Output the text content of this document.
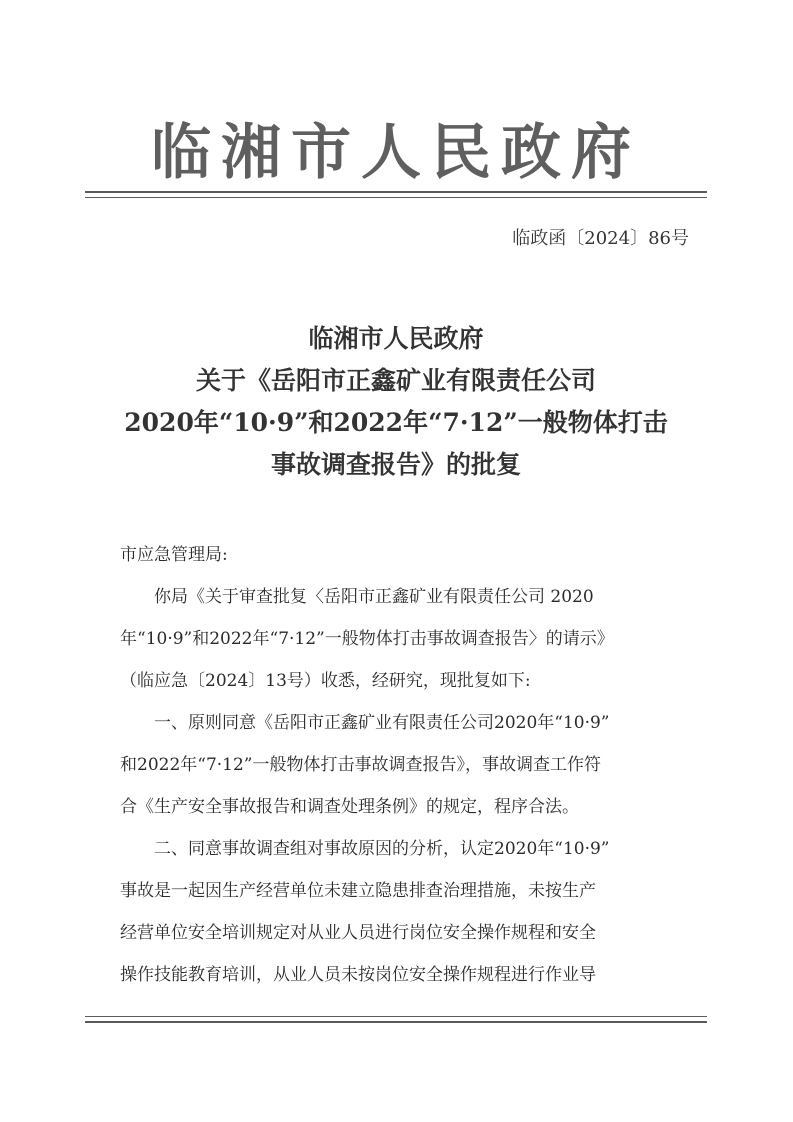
临湘市人民政府
临政函〔2024〕86号
临湘市人民政府
关于《岳阳市正鑫矿业有限责任公司
2020年“10·9”和2022年“7·12”一般物体打击
事故调查报告》的批复
市应急管理局:
你局《关于审查批复〈岳阳市正鑫矿业有限责任公司 2020
年“10·9”和2022年“7·12”一般物体打击事故调查报告〉的请示》
（临应急〔2024〕13号）收悉，经研究，现批复如下:
一、原则同意《岳阳市正鑫矿业有限责任公司2020年“10·9”
和2022年“7·12”一般物体打击事故调查报告》，事故调查工作符
合《生产安全事故报告和调查处理条例》的规定，程序合法。
二、同意事故调查组对事故原因的分析，认定2020年“10·9”
事故是一起因生产经营单位未建立隐患排查治理措施，未按生产
经营单位安全培训规定对从业人员进行岗位安全操作规程和安全
操作技能教育培训，从业人员未按岗位安全操作规程进行作业导
